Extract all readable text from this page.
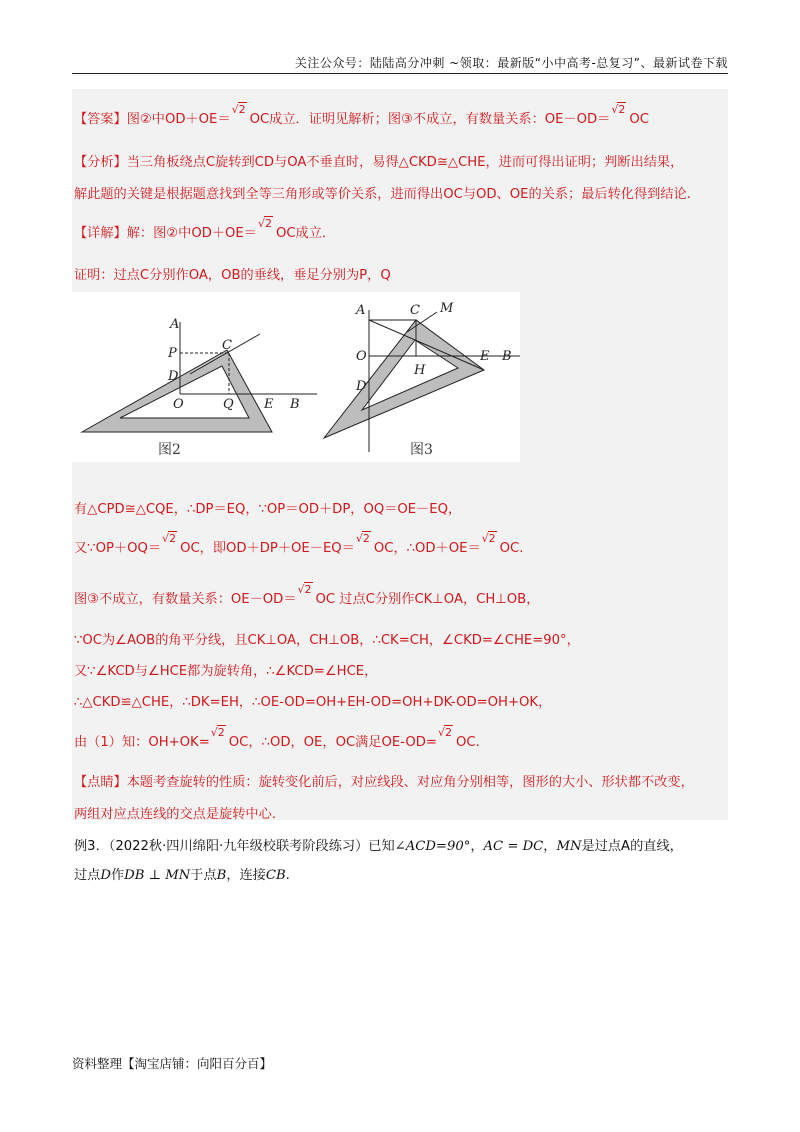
关注公众号：陆陆高分冲刺 ~领取：最新版“小中高考-总复习”、最新试卷下载
【答案】图②中OD＋OE＝√2OC成立．证明见解析；图③不成立，有数量关系：OE－OD＝√2OC
【分析】当三角板绕点C旋转到CD与OA不垂直时，易得△CKD≅△CHE，进而可得出证明；判断出结果，
解此题的关键是根据题意找到全等三角形或等价关系，进而得出OC与OD、OE的关系；最后转化得到结论.
【详解】解：图②中OD＋OE＝√2OC成立．
证明：过点C分别作OA，OB的垂线，垂足分别为P，Q
A
P
C
D
O	Q E B
图2
A	C M
O
H
E B
D
图3
有△CPD≅△CQE，∴DP＝EQ，∵OP＝OD＋DP，OQ＝OE－EQ，
又∵OP＋OQ＝√2OC，即OD＋DP＋OE－EQ＝√2OC，∴OD＋OE＝√2OC.
图③不成立，有数量关系：OE－OD＝√2OC 过点C分别作CK⊥OA，CH⊥OB，
∵OC为∠AOB的角平分线，且CK⊥OA，CH⊥OB，∴CK=CH，∠CKD=∠CHE=90°，
又∵∠KCD与∠HCE都为旋转角，∴∠KCD=∠HCE，
∴△CKD≌△CHE，∴DK=EH，∴OE-OD=OH+EH-OD=OH+DK-OD=OH+OK，
由（1）知：OH+OK=√2OC，∴OD，OE，OC满足OE-OD=√2OC.
【点睛】本题考查旋转的性质：旋转变化前后，对应线段、对应角分别相等，图形的大小、形状都不改变，
两组对应点连线的交点是旋转中心.
例3．（2022秋·四川绵阳·九年级校联考阶段练习）已知∠ACD=90°，AC = DC，MN是过点A的直线，
过点D作DB ⊥ MN于点B，连接CB.
资料整理【淘宝店铺：向阳百分百】
